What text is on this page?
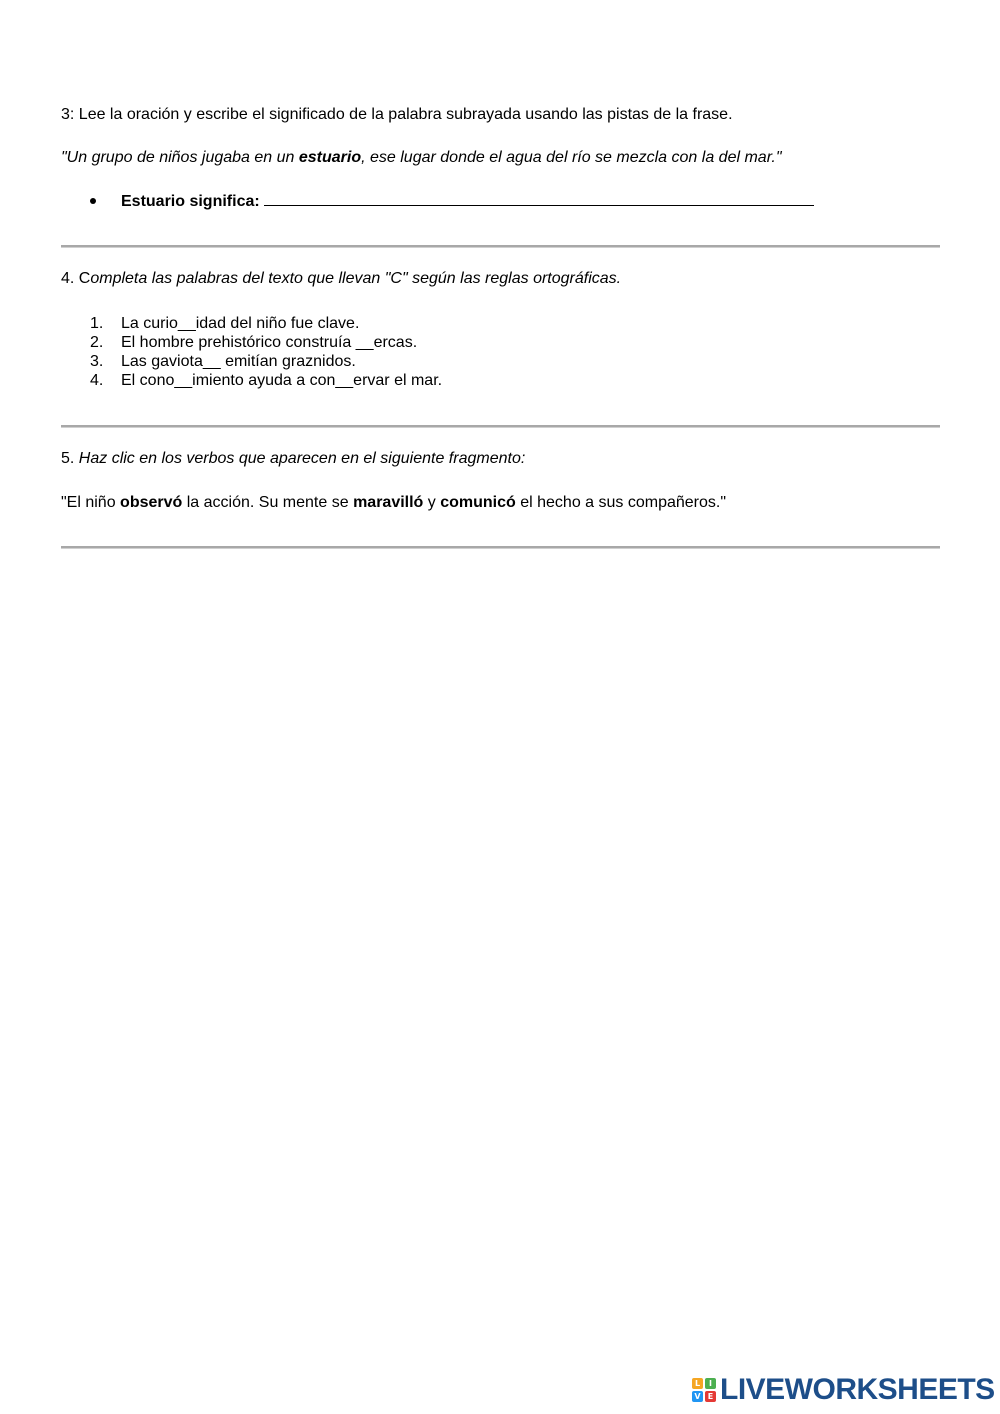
3: Lee la oración y escribe el significado de la palabra subrayada usando las pistas de la frase.
"Un grupo de niños jugaba en un estuario, ese lugar donde el agua del río se mezcla con la del mar."
Estuario significa:
4. Completa las palabras del texto que llevan "C" según las reglas ortográficas.
1. La curio__idad del niño fue clave.
2. El hombre prehistórico construía __ercas.
3. Las gaviota__ emitían graznidos.
4. El cono__imiento ayuda a con__ervar el mar.
5. Haz clic en los verbos que aparecen en el siguiente fragmento:
"El niño observó la acción. Su mente se maravilló y comunicó el hecho a sus compañeros."
L	I
V E LIVEWORKSHEETS
